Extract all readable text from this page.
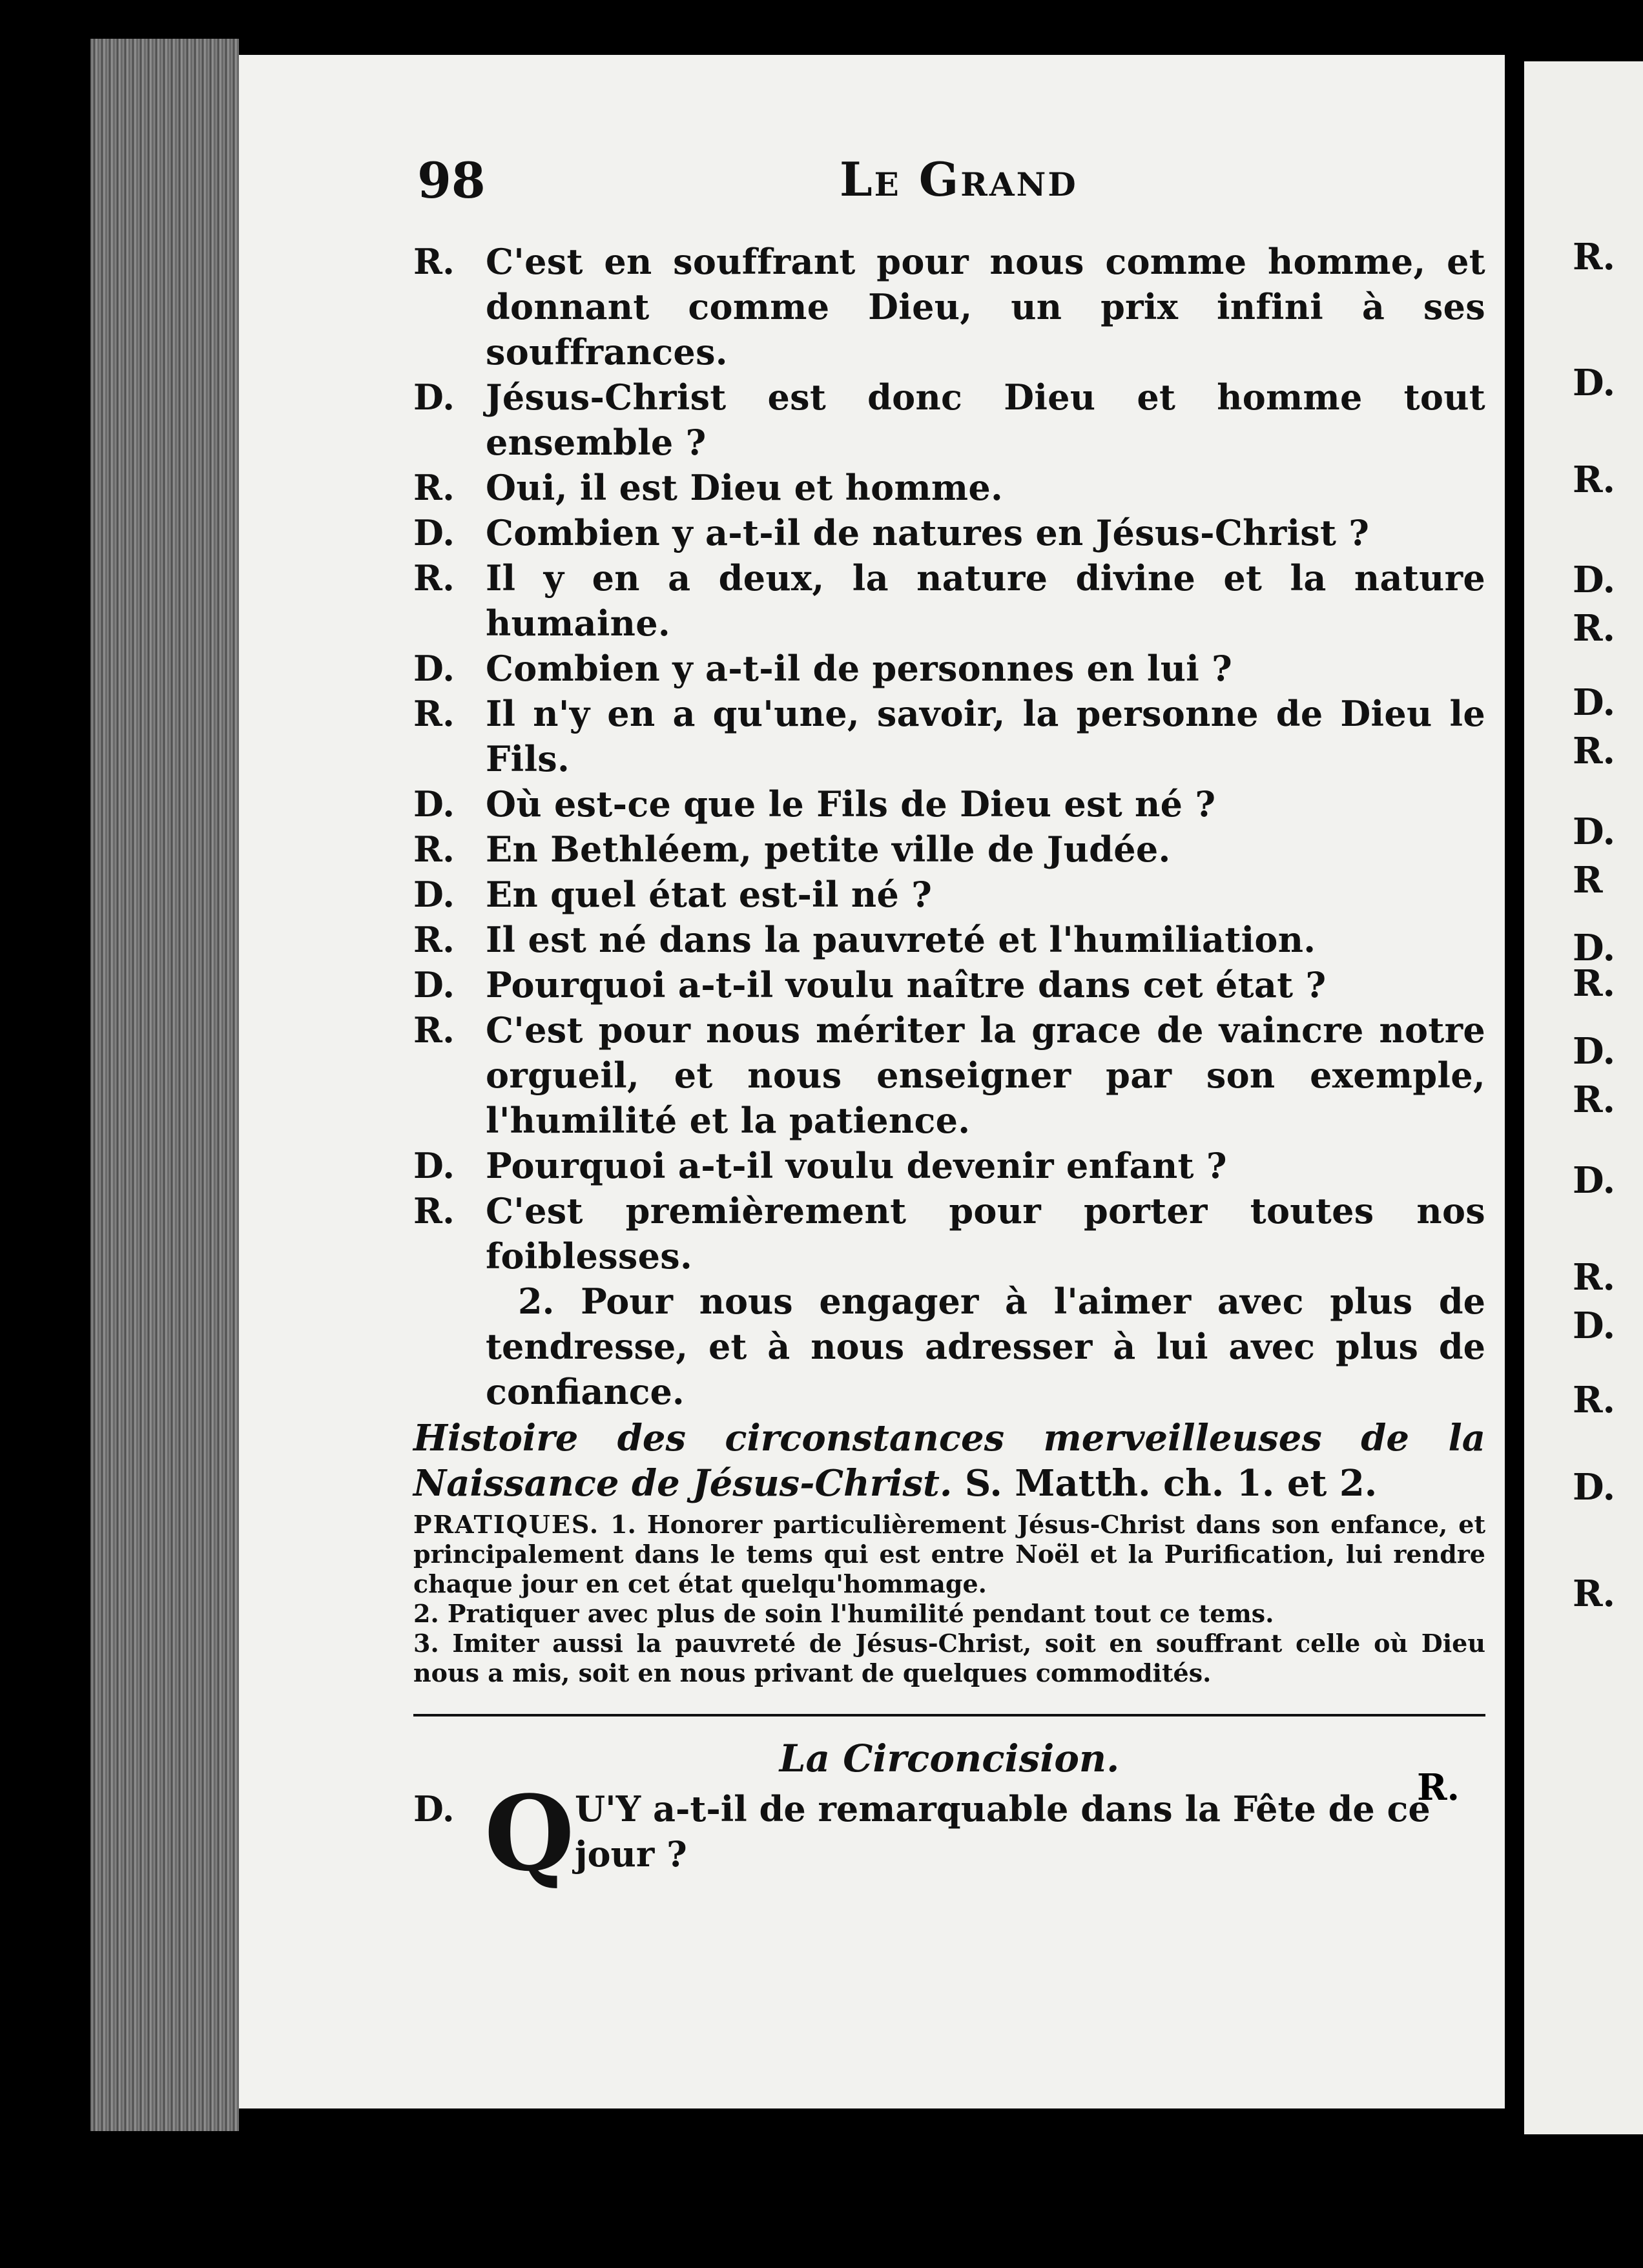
98	Le Grand
R. C'est en souffrant pour nous comme homme, et donnant comme Dieu, un prix infini à ses souffrances.
D. Jésus-Christ est donc Dieu et homme tout ensemble ?
R. Oui, il est Dieu et homme.
D. Combien y a-t-il de natures en Jésus-Christ ?
R. Il y en a deux, la nature divine et la nature humaine.
D. Combien y a-t-il de personnes en lui ?
R. Il n'y en a qu'une, savoir, la personne de Dieu le Fils.
D. Où est-ce que le Fils de Dieu est né ?
R. En Bethléem, petite ville de Judée.
D. En quel état est-il né ?
R. Il est né dans la pauvreté et l'humiliation.
D. Pourquoi a-t-il voulu naître dans cet état ?
R. C'est pour nous mériter la grace de vaincre notre orgueil, et nous enseigner par son exemple, l'humilité et la patience.
D. Pourquoi a-t-il voulu devenir enfant ?
R. C'est premièrement pour porter toutes nos foiblesses.
2. Pour nous engager à l'aimer avec plus de tendresse, et à nous adresser à lui avec plus de confiance.
Histoire des circonstances merveilleuses de la Naissance de Jésus-Christ. S. Matth. ch. 1. et 2.
PRATIQUES. 1. Honorer particulièrement Jésus-Christ dans son enfance, et principalement dans le tems qui est entre Noël et la Purification, lui rendre chaque jour en cet état quelqu'hommage.
2. Pratiquer avec plus de soin l'humilité pendant tout ce tems.
3. Imiter aussi la pauvreté de Jésus-Christ, soit en souffrant celle où Dieu nous a mis, soit en nous privant de quelques commodités.
La Circoncision.
D. Q U'Y a-t-il de remarquable dans la Fête de ce jour ?
R.
R.
D.
R.
D.
R.
D.
R.
D.
R
D.
R.
D.
R.
D.
R.
D.
R.
D.
R.
